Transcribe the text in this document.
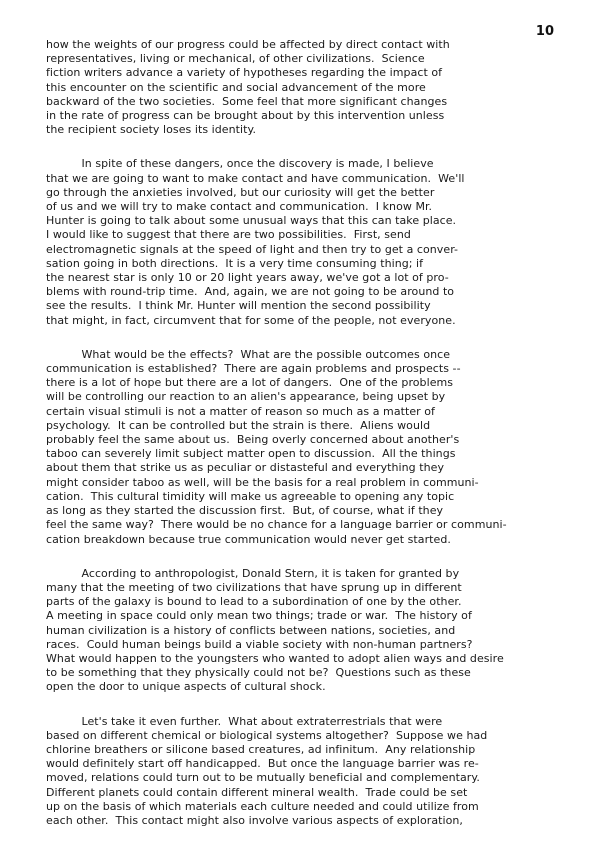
10
how the weights of our progress could be affected by direct contact with
representatives, living or mechanical, of other civilizations.  Science
fiction writers advance a variety of hypotheses regarding the impact of
this encounter on the scientific and social advancement of the more
backward of the two societies.  Some feel that more significant changes
in the rate of progress can be brought about by this intervention unless
the recipient society loses its identity.
In spite of these dangers, once the discovery is made, I believe
that we are going to want to make contact and have communication.  We'll
go through the anxieties involved, but our curiosity will get the better
of us and we will try to make contact and communication.  I know Mr.
Hunter is going to talk about some unusual ways that this can take place.
I would like to suggest that there are two possibilities.  First, send
electromagnetic signals at the speed of light and then try to get a conver-
sation going in both directions.  It is a very time consuming thing; if
the nearest star is only 10 or 20 light years away, we've got a lot of pro-
blems with round-trip time.  And, again, we are not going to be around to
see the results.  I think Mr. Hunter will mention the second possibility
that might, in fact, circumvent that for some of the people, not everyone.
What would be the effects?  What are the possible outcomes once
communication is established?  There are again problems and prospects --
there is a lot of hope but there are a lot of dangers.  One of the problems
will be controlling our reaction to an alien's appearance, being upset by
certain visual stimuli is not a matter of reason so much as a matter of
psychology.  It can be controlled but the strain is there.  Aliens would
probably feel the same about us.  Being overly concerned about another's
taboo can severely limit subject matter open to discussion.  All the things
about them that strike us as peculiar or distasteful and everything they
might consider taboo as well, will be the basis for a real problem in communi-
cation.  This cultural timidity will make us agreeable to opening any topic
as long as they started the discussion first.  But, of course, what if they
feel the same way?  There would be no chance for a language barrier or communi-
cation breakdown because true communication would never get started.
According to anthropologist, Donald Stern, it is taken for granted by
many that the meeting of two civilizations that have sprung up in different
parts of the galaxy is bound to lead to a subordination of one by the other.
A meeting in space could only mean two things; trade or war.  The history of
human civilization is a history of conflicts between nations, societies, and
races.  Could human beings build a viable society with non-human partners?
What would happen to the youngsters who wanted to adopt alien ways and desire
to be something that they physically could not be?  Questions such as these
open the door to unique aspects of cultural shock.
Let's take it even further.  What about extraterrestrials that were
based on different chemical or biological systems altogether?  Suppose we had
chlorine breathers or silicone based creatures, ad infinitum.  Any relationship
would definitely start off handicapped.  But once the language barrier was re-
moved, relations could turn out to be mutually beneficial and complementary.
Different planets could contain different mineral wealth.  Trade could be set
up on the basis of which materials each culture needed and could utilize from
each other.  This contact might also involve various aspects of exploration,
